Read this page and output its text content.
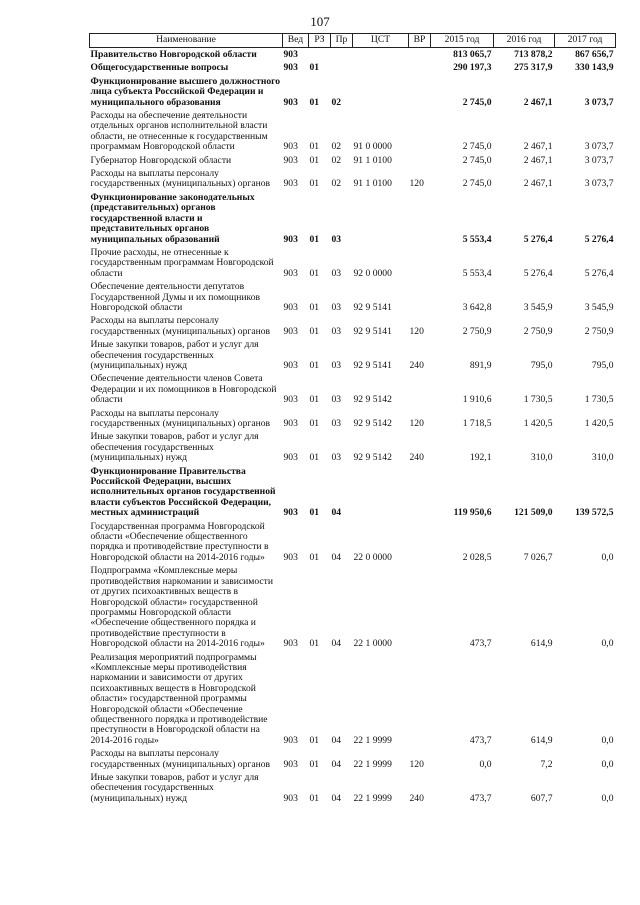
107
Наименование	Вед	РЗ	Пр	ЦСТ	ВР	2015 год	2016 год	2017 год
Правительство Новгородской области	903					813 065,7	713 878,2	867 656,7
Общегосударственные вопросы	903	01				290 197,3	275 317,9	330 143,9
Функционирование высшего должностного лица субъекта Российской Федерации и муниципального образования	903	01	02			2 745,0	2 467,1	3 073,7
Расходы на обеспечение деятельности отдельных органов исполнительной власти области, не отнесенные к государственным программам Новгородской области	903	01	02	91 0 0000		2 745,0	2 467,1	3 073,7
Губернатор Новгородской области	903	01	02	91 1 0100		2 745,0	2 467,1	3 073,7
Расходы на выплаты персоналу государственных (муниципальных) органов	903	01	02	91 1 0100	120	2 745,0	2 467,1	3 073,7
Функционирование законодательных (представительных) органов государственной власти и представительных органов муниципальных образований	903	01	03			5 553,4	5 276,4	5 276,4
Прочие расходы, не отнесенные к государственным программам Новгородской области	903	01	03	92 0 0000		5 553,4	5 276,4	5 276,4
Обеспечение деятельности депутатов Государственной Думы и их помощников Новгородской области	903	01	03	92 9 5141		3 642,8	3 545,9	3 545,9
Расходы на выплаты персоналу государственных (муниципальных) органов	903	01	03	92 9 5141	120	2 750,9	2 750,9	2 750,9
Иные закупки товаров, работ и услуг для обеспечения государственных (муниципальных) нужд	903	01	03	92 9 5141	240	891,9	795,0	795,0
Обеспечение деятельности членов Совета Федерации и их помощников в Новгородской области	903	01	03	92 9 5142		1 910,6	1 730,5	1 730,5
Расходы на выплаты персоналу государственных (муниципальных) органов	903	01	03	92 9 5142	120	1 718,5	1 420,5	1 420,5
Иные закупки товаров, работ и услуг для обеспечения государственных (муниципальных) нужд	903	01	03	92 9 5142	240	192,1	310,0	310,0
Функционирование Правительства Российской Федерации, высших исполнительных органов государственной власти субъектов Российской Федерации, местных администраций	903	01	04			119 950,6	121 509,0	139 572,5
Государственная программа Новгородской области «Обеспечение общественного порядка и противодействие преступности в Новгородской области на 2014-2016 годы»	903	01	04	22 0 0000		2 028,5	7 026,7	0,0
Подпрограмма «Комплексные меры противодействия наркомании и зависимости от других психоактивных веществ в Новгородской области» государственной программы Новгородской области «Обеспечение общественного порядка и противодействие преступности в Новгородской области на 2014-2016 годы»	903	01	04	22 1 0000		473,7	614,9	0,0
Реализация мероприятий подпрограммы «Комплексные меры противодействия наркомании и зависимости от других психоактивных веществ в Новгородской области» государственной программы Новгородской области «Обеспечение общественного порядка и противодействие преступности в Новгородской области на 2014-2016 годы»	903	01	04	22 1 9999		473,7	614,9	0,0
Расходы на выплаты персоналу государственных (муниципальных) органов	903	01	04	22 1 9999	120	0,0	7,2	0,0
Иные закупки товаров, работ и услуг для обеспечения государственных (муниципальных) нужд	903	01	04	22 1 9999	240	473,7	607,7	0,0
